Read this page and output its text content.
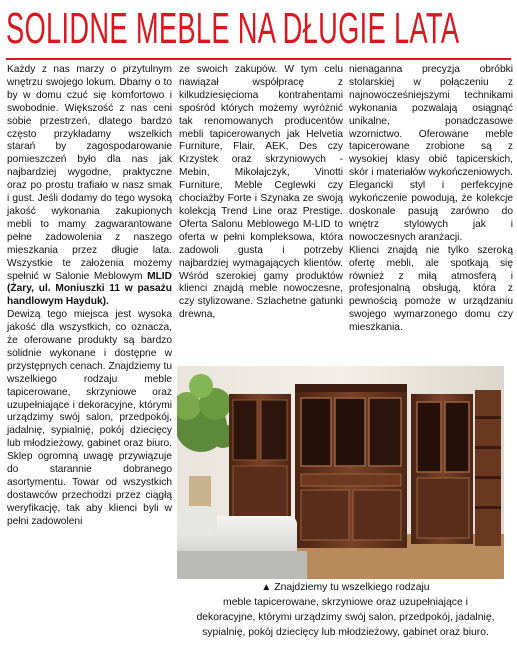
SOLIDNE MEBLE NA DŁUGIE LATA

Każdy z nas marzy o przytulnym wnętrzu swojego lokum. Dbamy o to by w domu czuć się komfortowo i swobodnie. Większość z nas ceni sobie przestrzeń, dlatego bardzo często przykładamy wszelkich starań by zagospodarowanie pomieszczeń było dla nas jak najbardziej wygodne, praktyczne oraz po prostu trafiało w nasz smak i gust. Jeśli dodamy do tego wysoką jakość wykonania zakupionych mebli to mamy zagwarantowane pełne zadowolenia z naszego mieszkania przez długie lata. Wszystkie te założenia możemy spełnić w Salonie Meblowym MLID (Żary, ul. Moniuszki 11 w pasażu handlowym Hayduk).

Dewizą tego miejsca jest wysoka jakość dla wszystkich, co oznacza, że oferowane produkty są bardzo solidnie wykonane i dostępne w przystępnych cenach. Znajdziemy tu wszelkiego rodzaju meble tapicerowane, skrzyniowe oraz uzupełniające i dekoracyjne, którymi urządzimy swój salon, przedpokój, jadalnię, sypialnię, pokój dziecięcy lub młodzieżowy, gabinet oraz biuro. Sklep ogromną uwagę przywiązuje do starannie dobranego asortymentu. Towar od wszystkich dostawców przechodzi przez ciągłą weryfikację, tak aby klienci byli w pełni zadowoleni

ze swoich zakupów. W tym celu nawiązał współpracę z kilkudziesięcioma kontrahentami spośród których możemy wyróżnić tak renomowanych producentów mebli tapicerowanych jak Helvetia Furniture, Flair, AEK, Des czy Krzystek oraz skrzyniowych - Mebin, Mikołajczyk, Vinotti Furniture, Meble Ceglewki czy chociażby Forte i Szynaka ze swoją kolekcją Trend Line oraz Prestige. Oferta Salonu Meblowego M-LID to oferta w pełni kompleksowa, która zadowoli gusta i potrzeby najbardziej wymagających klientów. Wśród szerokiej gamy produktów klienci znajdą meble nowoczesne, czy stylizowane. Szlachetne gatunki drewna,

nienaganna precyzja obróbki stolarskiej w połączeniu z najnowocześniejszymi technikami wykonania pozwalają osiągnąć unikalne, ponadczasowe wzornictwo. Oferowane meble tapicerowane zrobione są z wysokiej klasy obić tapicerskich, skór i materiałów wykończeniowych. Elegancki styl i perfekcyjne wykończenie powodują, że kolekcje doskonale pasują zarówno do wnętrz stylowych jak i nowoczesnych aranżacji.

Klienci znajdą nie tylko szeroką ofertę mebli, ale spotkają się również z miłą atmosferą i profesjonalną obsługą, która z pewnością pomoże w urządzaniu swojego wymarzonego domu czy mieszkania.

▲ Znajdziemy tu wszelkiego rodzaju
meble tapicerowane, skrzyniowe oraz uzupełniające i
dekoracyjne, którymi urządzimy swój salon, przedpokój, jadalnię,
sypialnię, pokój dziecięcy lub młodzieżowy, gabinet oraz biuro.
